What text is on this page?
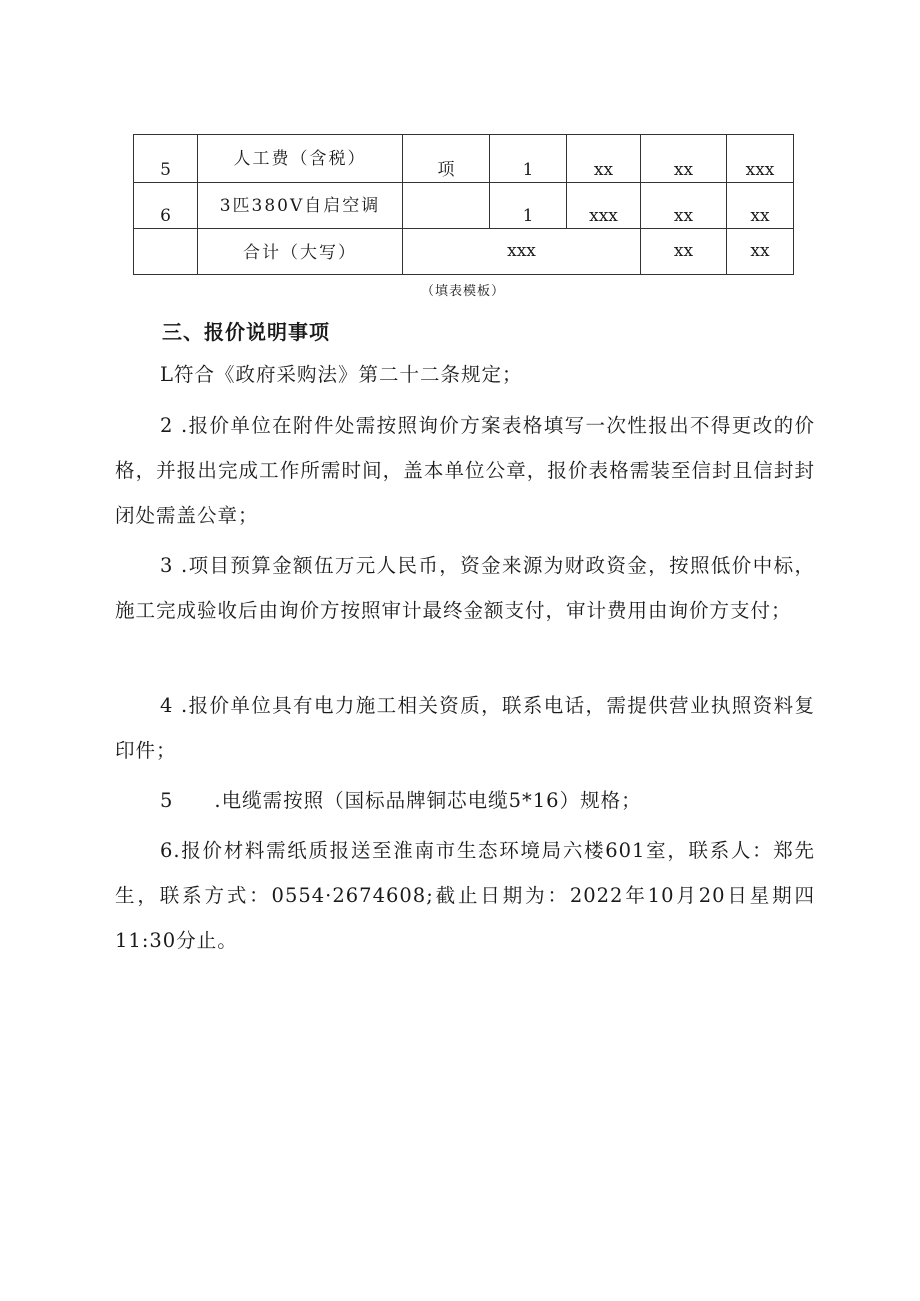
5	人工费（含税）	项	1	xx	xx	xxx
6	3匹380V自启空调		1	xxx	xx	xx
	合计（大写）	xxx			xx	xx
（填表模板）
三、报价说明事项

L符合《政府采购法》第二十二条规定；

2 .报价单位在附件处需按照询价方案表格填写一次性报出不得更改的价格，并报出完成工作所需时间，盖本单位公章，报价表格需装至信封且信封封闭处需盖公章；

3 .项目预算金额伍万元人民币，资金来源为财政资金，按照低价中标，施工完成验收后由询价方按照审计最终金额支付，审计费用由询价方支付；

4 .报价单位具有电力施工相关资质，联系电话，需提供营业执照资料复印件；

5　　.电缆需按照（国标品牌铜芯电缆5*16）规格；

6.报价材料需纸质报送至淮南市生态环境局六楼601室，联系人：郑先生，联系方式：0554·2674608;截止日期为：2022年10月20日星期四11:30分止。
